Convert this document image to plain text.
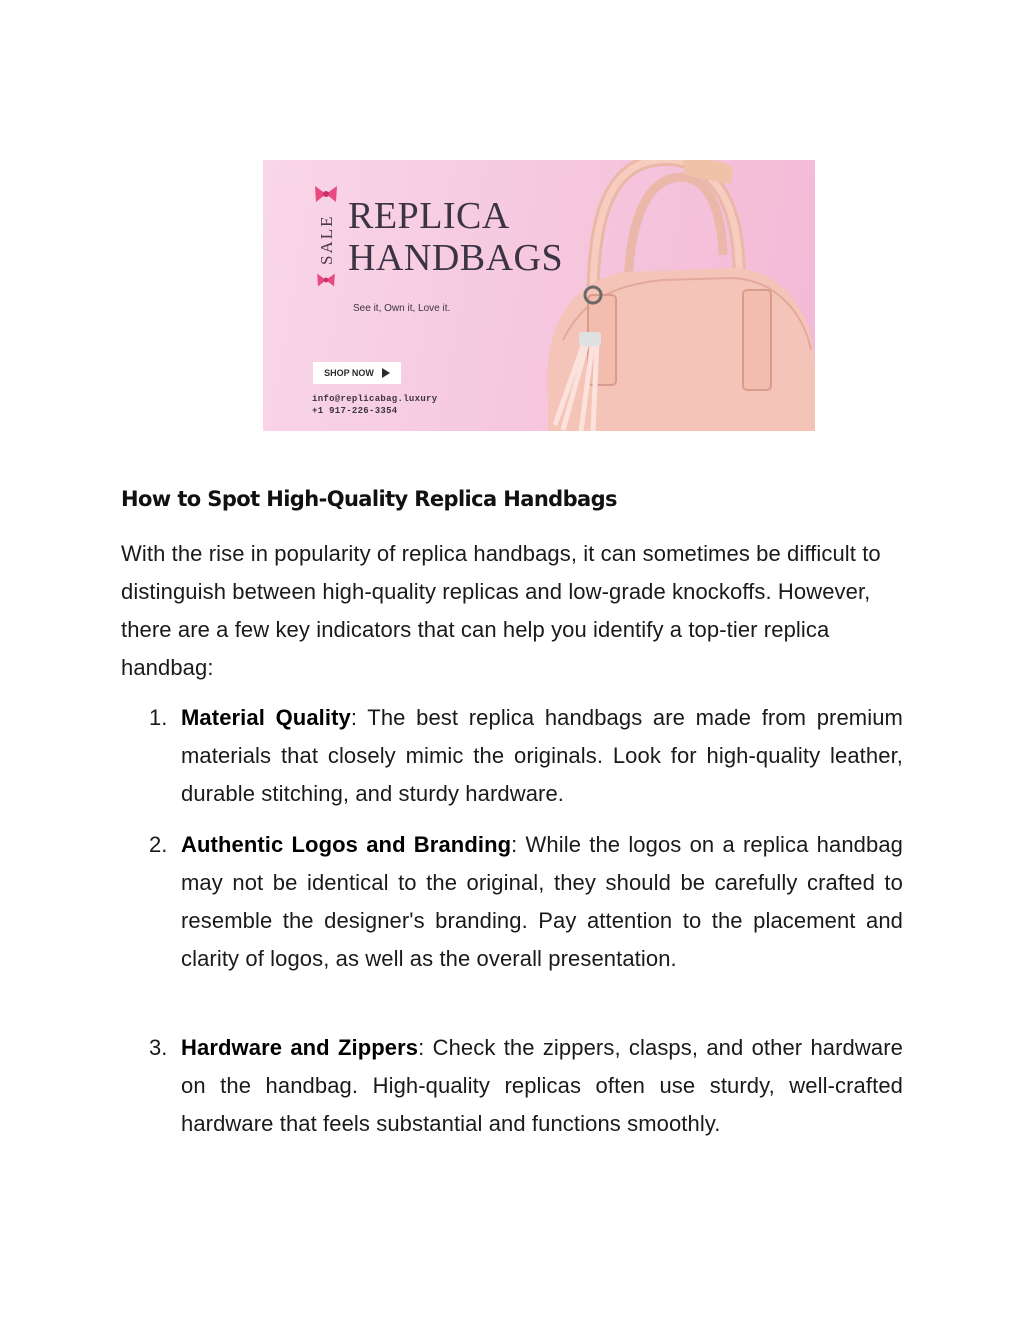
SALE REPLICA
HANDBAGS
See it, Own it, Love it.
SHOP NOW
info@replicabag.luxury
+1 917-226-3354
How to Spot High-Quality Replica Handbags

With the rise in popularity of replica handbags, it can sometimes be difficult to distinguish between high-quality replicas and low-grade knockoffs. However, there are a few key indicators that can help you identify a top-tier replica handbag:

1. Material Quality: The best replica handbags are made from premium materials that closely mimic the originals. Look for high-quality leather, durable stitching, and sturdy hardware.

2. Authentic Logos and Branding: While the logos on a replica handbag may not be identical to the original, they should be carefully crafted to resemble the designer's branding. Pay attention to the placement and clarity of logos, as well as the overall presentation.

3. Hardware and Zippers: Check the zippers, clasps, and other hardware on the handbag. High-quality replicas often use sturdy, well-crafted hardware that feels substantial and functions smoothly.
